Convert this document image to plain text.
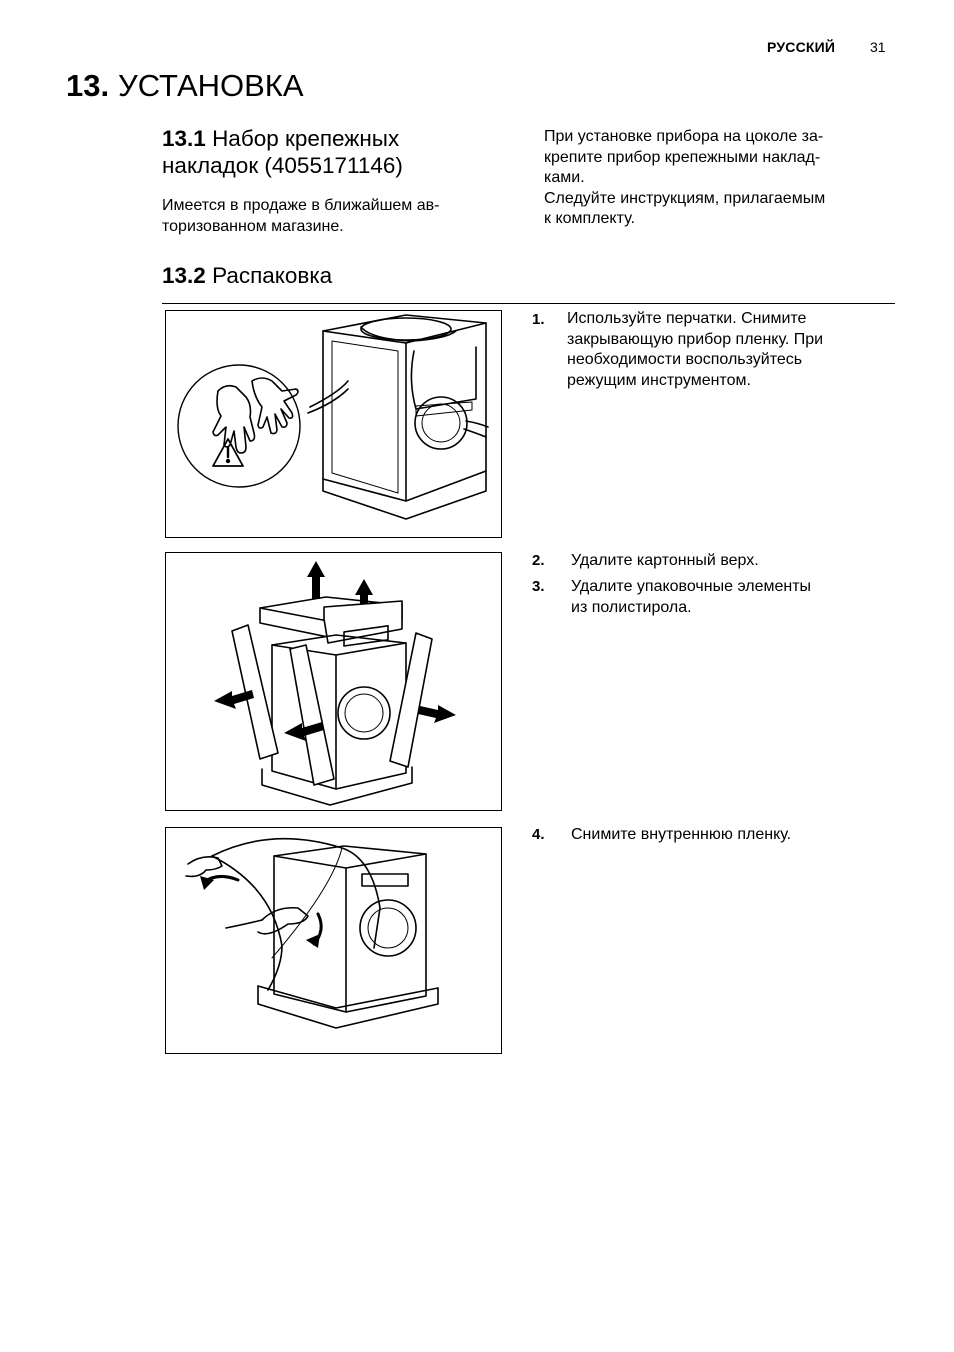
РУССКИЙ 31
13. УСТАНОВКА
13.1 Набор крепежных
накладок (4055171146)
Имеется в продаже в ближайшем ав-
торизованном магазине.
При установке прибора на цоколе за-
крепите прибор крепежными наклад-
ками.
Следуйте инструкциям, прилагаемым
к комплекту.
13.2 Распаковка
1. Используйте перчатки. Снимите
закрывающую прибор пленку. При
необходимости воспользуйтесь
режущим инструментом.
2. Удалите картонный верх.
3. Удалите упаковочные элементы
из полистирола.
4. Снимите внутреннюю пленку.
